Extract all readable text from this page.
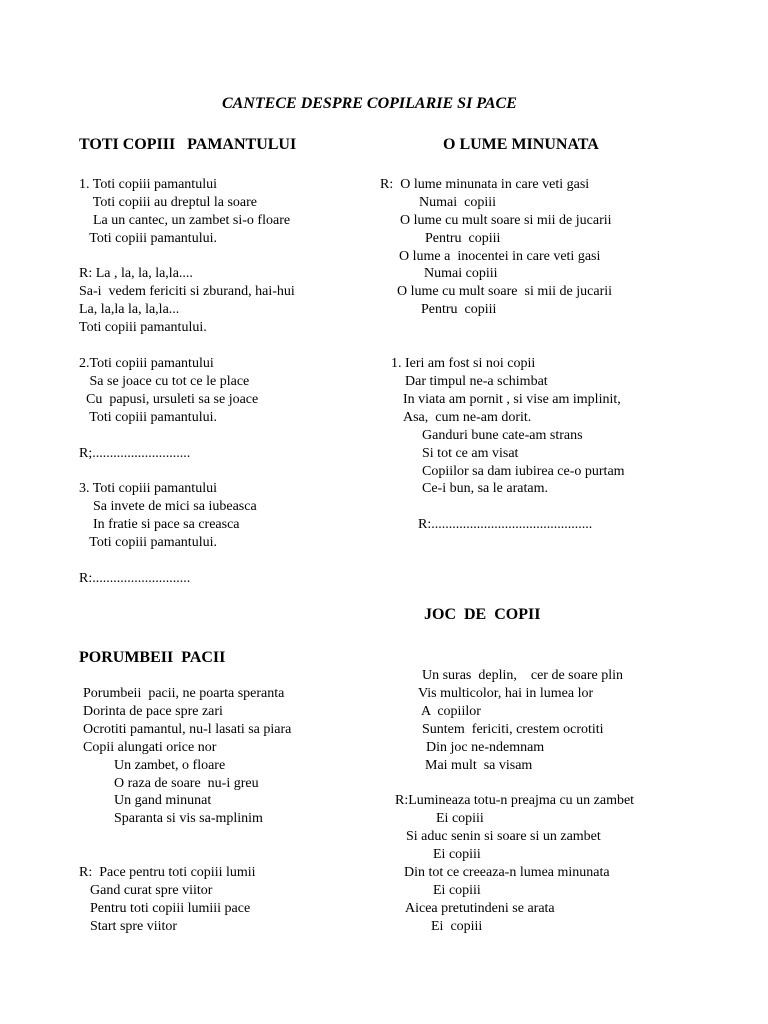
CANTECE DESPRE COPILARIE SI PACE
TOTI COPIII   PAMANTULUI
1. Toti copiii pamantului
Toti copiii au dreptul la soare
La un cantec, un zambet si-o floare
Toti copiii pamantului.
R: La , la, la, la,la....
Sa-i  vedem fericiti si zburand, hai-hui
La, la,la la, la,la...
Toti copiii pamantului.
2.Toti copiii pamantului
Sa se joace cu tot ce le place
Cu  papusi, ursuleti sa se joace
Toti copiii pamantului.
R;............................
3. Toti copiii pamantului
Sa invete de mici sa iubeasca
In fratie si pace sa creasca
Toti copiii pamantului.
R:............................
O LUME MINUNATA
R:  O lume minunata in care veti gasi
Numai  copiii
O lume cu mult soare si mii de jucarii
Pentru  copiii
O lume a  inocentei in care veti gasi
Numai copiii
O lume cu mult soare  si mii de jucarii
Pentru  copiii
1. Ieri am fost si noi copii
Dar timpul ne-a schimbat
In viata am pornit , si vise am implinit,
Asa,  cum ne-am dorit.
Ganduri bune cate-am strans
Si tot ce am visat
Copiilor sa dam iubirea ce-o purtam
Ce-i bun, sa le aratam.
R:..............................................
JOC  DE  COPII
PORUMBEII  PACII
Porumbeii  pacii, ne poarta speranta
Dorinta de pace spre zari
Ocrotiti pamantul, nu-l lasati sa piara
Copii alungati orice nor
Un zambet, o floare
O raza de soare  nu-i greu
Un gand minunat
Sparanta si vis sa-mplinim
R:  Pace pentru toti copiii lumii
Gand curat spre viitor
Pentru toti copiii lumiii pace
Start spre viitor
Un suras  deplin,    cer de soare plin
Vis multicolor, hai in lumea lor
A  copiilor
Suntem  fericiti, crestem ocrotiti
Din joc ne-ndemnam
Mai mult  sa visam
R:Lumineaza totu-n preajma cu un zambet
Ei copiii
Si aduc senin si soare si un zambet
Ei copiii
Din tot ce creeaza-n lumea minunata
Ei copiii
Aicea pretutindeni se arata
Ei  copiii
